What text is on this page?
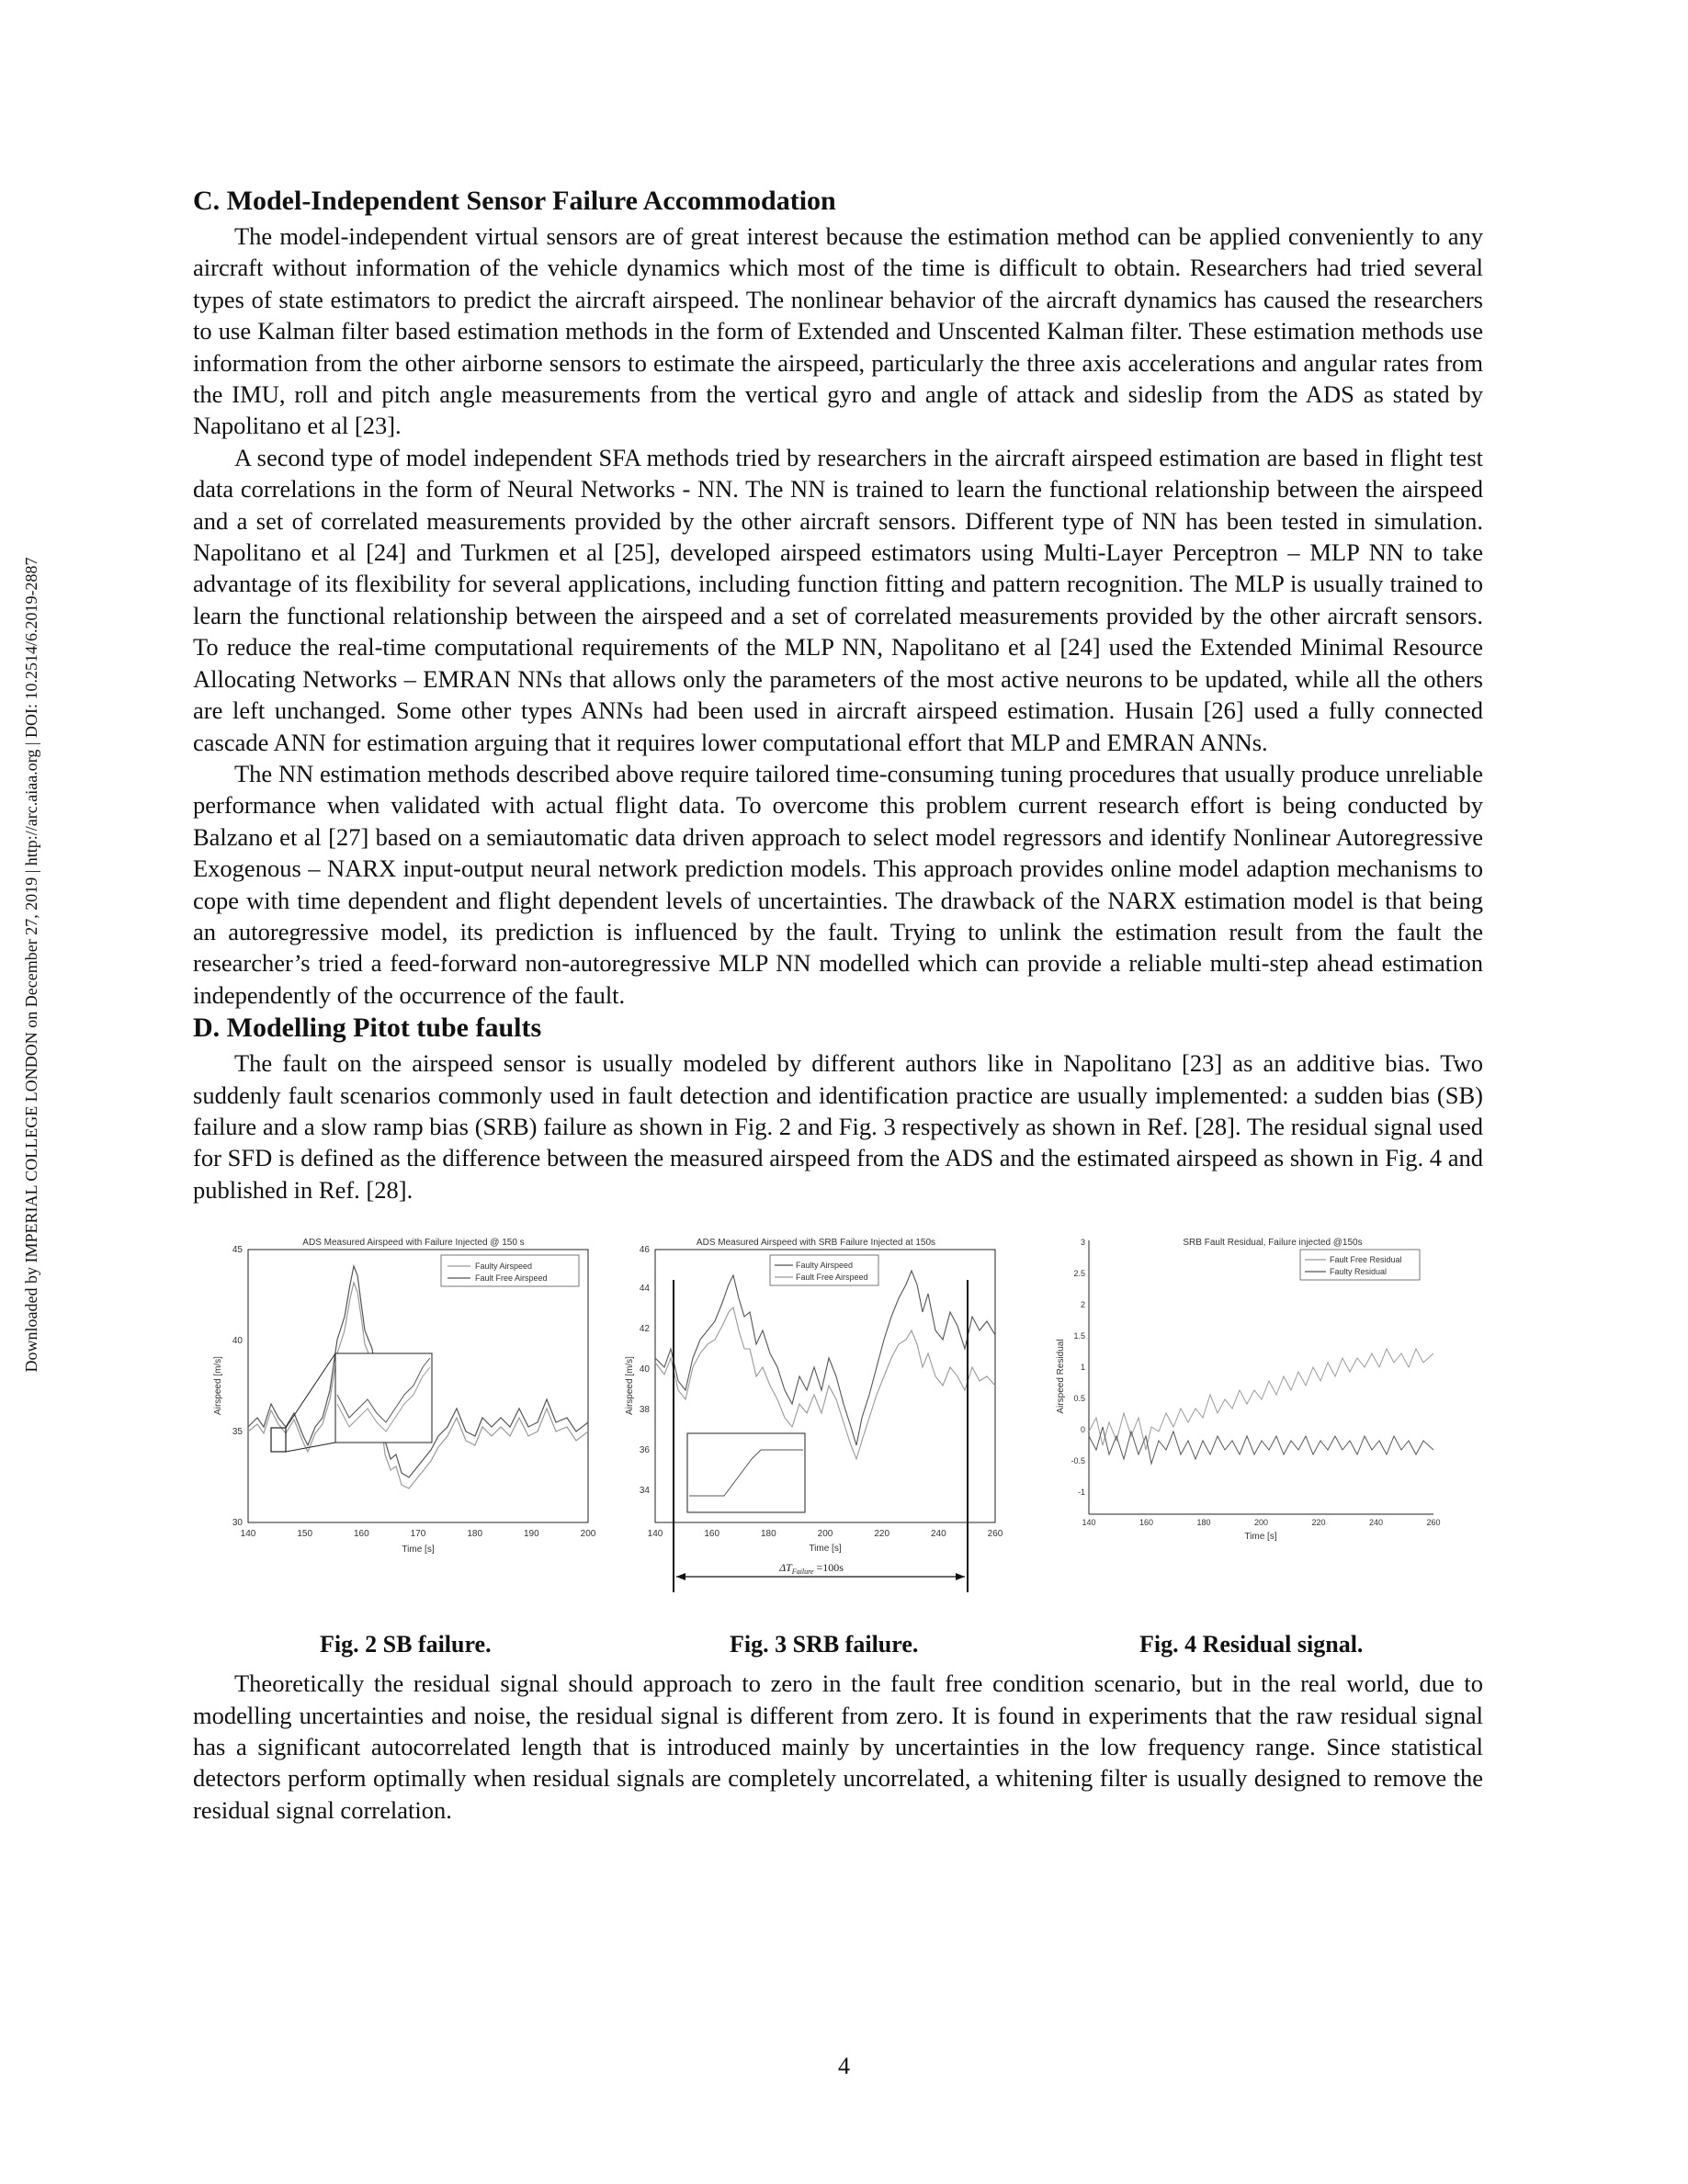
Downloaded by IMPERIAL COLLEGE LONDON on December 27, 2019 | http://arc.aiaa.org | DOI: 10.2514/6.2019-2887
C. Model-Independent Sensor Failure Accommodation

The model-independent virtual sensors are of great interest because the estimation method can be applied conveniently to any aircraft without information of the vehicle dynamics which most of the time is difficult to obtain. Researchers had tried several types of state estimators to predict the aircraft airspeed. The nonlinear behavior of the aircraft dynamics has caused the researchers to use Kalman filter based estimation methods in the form of Extended and Unscented Kalman filter. These estimation methods use information from the other airborne sensors to estimate the airspeed, particularly the three axis accelerations and angular rates from the IMU, roll and pitch angle measurements from the vertical gyro and angle of attack and sideslip from the ADS as stated by Napolitano et al [23].

A second type of model independent SFA methods tried by researchers in the aircraft airspeed estimation are based in flight test data correlations in the form of Neural Networks - NN. The NN is trained to learn the functional relationship between the airspeed and a set of correlated measurements provided by the other aircraft sensors. Different type of NN has been tested in simulation. Napolitano et al [24] and Turkmen et al [25], developed airspeed estimators using Multi-Layer Perceptron – MLP NN to take advantage of its flexibility for several applications, including function fitting and pattern recognition. The MLP is usually trained to learn the functional relationship between the airspeed and a set of correlated measurements provided by the other aircraft sensors. To reduce the real-time computational requirements of the MLP NN, Napolitano et al [24] used the Extended Minimal Resource Allocating Networks – EMRAN NNs that allows only the parameters of the most active neurons to be updated, while all the others are left unchanged. Some other types ANNs had been used in aircraft airspeed estimation. Husain [26] used a fully connected cascade ANN for estimation arguing that it requires lower computational effort that MLP and EMRAN ANNs.

The NN estimation methods described above require tailored time-consuming tuning procedures that usually produce unreliable performance when validated with actual flight data. To overcome this problem current research effort is being conducted by Balzano et al [27] based on a semiautomatic data driven approach to select model regressors and identify Nonlinear Autoregressive Exogenous – NARX input-output neural network prediction models. This approach provides online model adaption mechanisms to cope with time dependent and flight dependent levels of uncertainties. The drawback of the NARX estimation model is that being an autoregressive model, its prediction is influenced by the fault. Trying to unlink the estimation result from the fault the researcher’s tried a feed-forward non-autoregressive MLP NN modelled which can provide a reliable multi-step ahead estimation independently of the occurrence of the fault.

D. Modelling Pitot tube faults

The fault on the airspeed sensor is usually modeled by different authors like in Napolitano [23] as an additive bias. Two suddenly fault scenarios commonly used in fault detection and identification practice are usually implemented: a sudden bias (SB) failure and a slow ramp bias (SRB) failure as shown in Fig. 2 and Fig. 3 respectively as shown in Ref. [28]. The residual signal used for SFD is defined as the difference between the measured airspeed from the ADS and the estimated airspeed as shown in Fig. 4 and published in Ref. [28].

ADS Measured Airspeed with Failure Injected @ 150 s
140	150	160	170	180	190	200
30
35
40
45
Time [s]
Airspeed [m/s]
Faulty Airspeed
Fault Free Airspeed
ADS Measured Airspeed with SRB Failure Injected at 150s
140	160	180	200	220	240	260
34
36
38
40
42
44
46
Time [s]
Airspeed [m/s]
$\Delta T_{Failure} =100s$
Faulty Airspeed
Fault Free Airspeed
SRB Fault Residual, Failure injected @150s
140	160	180	200	220	240	260
-1
-0.5
0
0.5
1
1.5
2
2.5
3
Time [s]
Airspeed Residual
Fault Free Residual
Faulty Residual
Fig. 2 SB failure.	Fig. 3 SRB failure.	Fig. 4 Residual signal.

Theoretically the residual signal should approach to zero in the fault free condition scenario, but in the real world, due to modelling uncertainties and noise, the residual signal is different from zero. It is found in experiments that the raw residual signal has a significant autocorrelated length that is introduced mainly by uncertainties in the low frequency range. Since statistical detectors perform optimally when residual signals are completely uncorrelated, a whitening filter is usually designed to remove the residual signal correlation.

4
